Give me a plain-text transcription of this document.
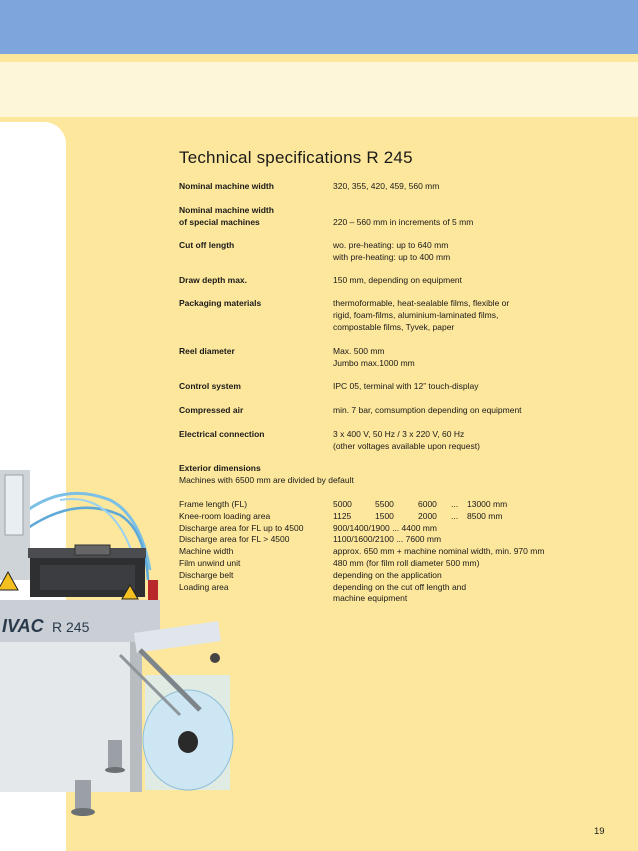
IVAC R 245
Technical specifications R 245
Nominal machine width	320, 355, 420, 459, 560 mm
Nominal machine width
of special machines
	220 – 560 mm in increments of 5 mm
Cut off length	wo. pre-heating: up to 640 mm
with pre-heating: up to 400 mm
Draw depth max.	150 mm, depending on equipment
Packaging materials	thermoformable, heat-sealable films, flexible or
rigid, foam-films, aluminium-laminated films,
compostable films, Tyvek, paper
Reel diameter	Max. 500 mm
Jumbo max.1000 mm
Control system	IPC 05, terminal with 12” touch-display
Compressed air	min. 7 bar, comsumption depending on equipment
Electrical connection	3 x 400 V, 50 Hz / 3 x 220 V, 60 Hz
(other voltages available upon request)
Exterior dimensions
Machines with 6500 mm are divided by default
Frame length (FL)	5000	5500	6000 ... 13000 mm
Knee-room loading area	1125	1500	2000 ... 8500 mm
Discharge area for FL up to 4500	900/1400/1900 ... 4400 mm
Discharge area for FL > 4500	1100/1600/2100 ... 7600 mm
Machine width	approx. 650 mm + machine nominal width, min. 970 mm
Film unwind unit	480 mm (for film roll diameter 500 mm)
Discharge belt	depending on the application
Loading area	depending on the cut off length and
machine equipment
19
